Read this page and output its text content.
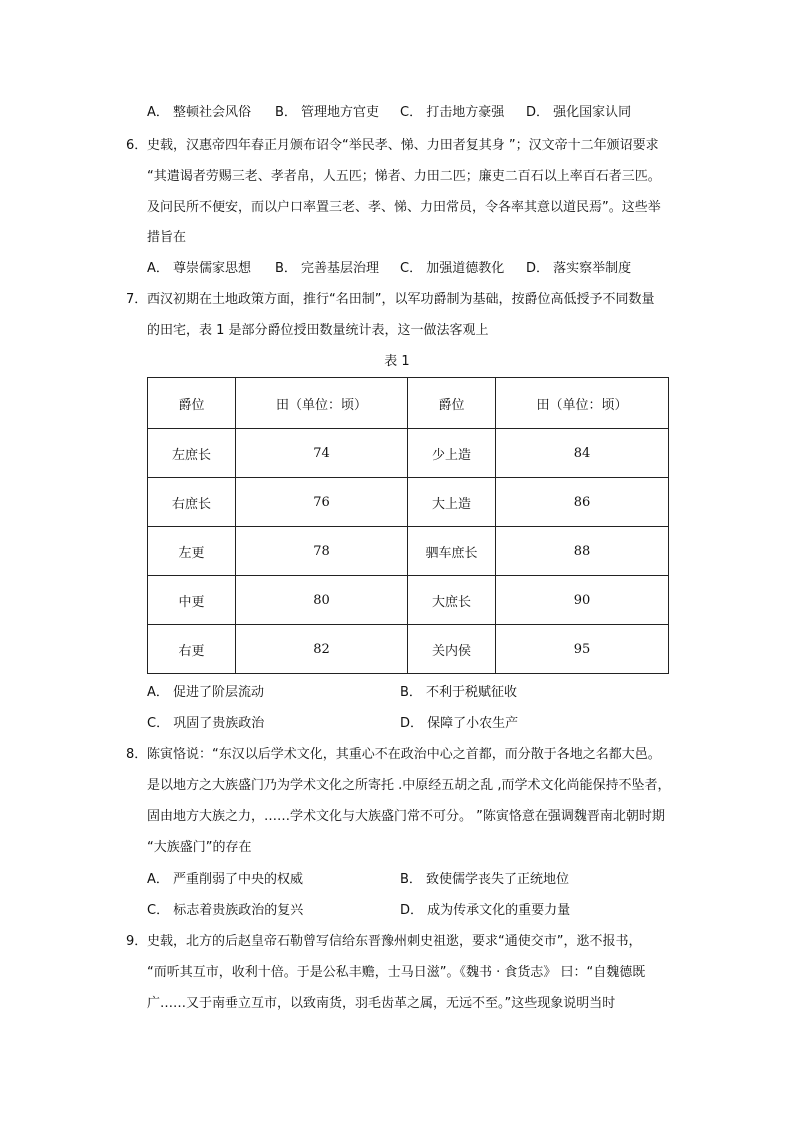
A． 整顿社会风俗 B． 管理地方官吏 C． 打击地方豪强 D． 强化国家认同
6． 史载，汉惠帝四年春正月颁布诏令“举民孝、悌、力田者复其身 ”；汉文帝十二年颁诏要求
“其遣谒者劳赐三老、孝者帛，人五匹；悌者、力田二匹；廉吏二百石以上率百石者三匹。
及问民所不便安，而以户口率置三老、孝、悌、力田常员，令各率其意以道民焉”。这些举
措旨在
A． 尊崇儒家思想 B． 完善基层治理 C． 加强道德教化 D． 落实察举制度
7． 西汉初期在土地政策方面，推行“名田制”，以军功爵制为基础，按爵位高低授予不同数量
的田宅，表 1 是部分爵位授田数量统计表，这一做法客观上
表 1
爵位	田（单位：顷）	爵位	田（单位：顷）
左庶长	74	少上造	84
右庶长	76	大上造	86
左更	78	驷车庶长	88
中更	80	大庶长	90
右更	82	关内侯	95
A． 促进了阶层流动	B． 不利于税赋征收
C． 巩固了贵族政治	D． 保障了小农生产
8． 陈寅恪说：“东汉以后学术文化，其重心不在政治中心之首都，而分散于各地之名都大邑。
是以地方之大族盛门乃为学术文化之所寄托 .中原经五胡之乱 ,而学术文化尚能保持不坠者，
固由地方大族之力，……学术文化与大族盛门常不可分。 ”陈寅恪意在强调魏晋南北朝时期
“大族盛门”的存在
A． 严重削弱了中央的权威	B． 致使儒学丧失了正统地位
C． 标志着贵族政治的复兴	D． 成为传承文化的重要力量
9． 史载，北方的后赵皇帝石勒曾写信给东晋豫州刺史祖逖，要求“通使交市”，逖不报书，
“而听其互市，收利十倍。于是公私丰赡，士马日滋”。《魏书 · 食货志》 曰：“自魏德既
广……又于南垂立互市，以致南货，羽毛齿革之属，无远不至。”这些现象说明当时
